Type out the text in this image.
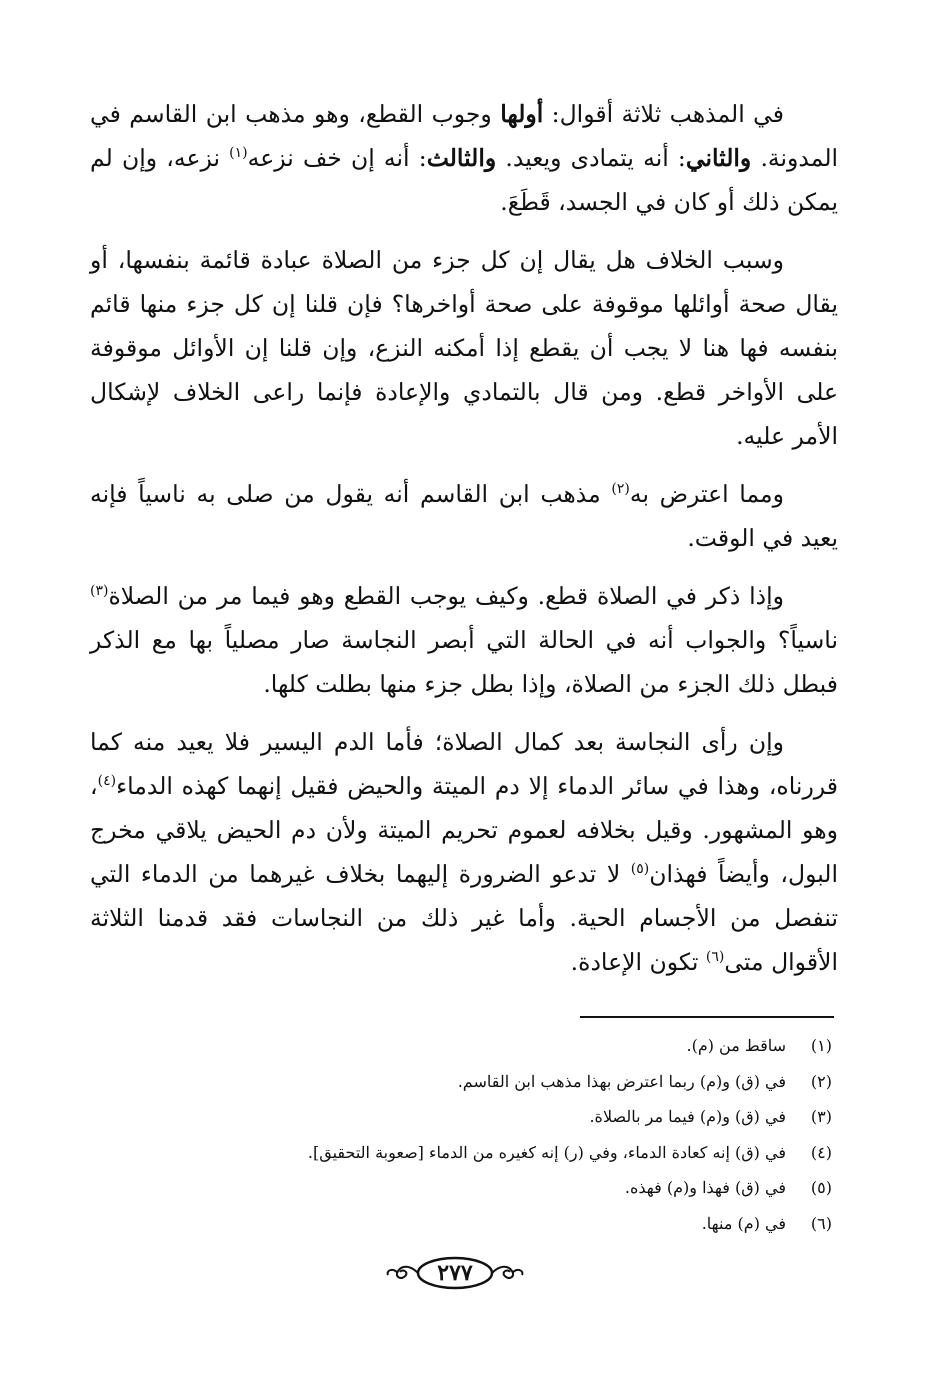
في المذهب ثلاثة أقوال: أولها وجوب القطع، وهو مذهب ابن القاسم في المدونة. والثاني: أنه يتمادى ويعيد. والثالث: أنه إن خف نزعه$^{(١)}$ نزعه، وإن لم يمكن ذلك أو كان في الجسد، قَطَعَ.

وسبب الخلاف هل يقال إن كل جزء من الصلاة عبادة قائمة بنفسها، أو يقال صحة أوائلها موقوفة على صحة أواخرها؟ فإن قلنا إن كل جزء منها قائم بنفسه فها هنا لا يجب أن يقطع إذا أمكنه النزع، وإن قلنا إن الأوائل موقوفة على الأواخر قطع. ومن قال بالتمادي والإعادة فإنما راعى الخلاف لإشكال الأمر عليه.

ومما اعترض به$^{(٢)}$ مذهب ابن القاسم أنه يقول من صلى به ناسياً فإنه يعيد في الوقت.

وإذا ذكر في الصلاة قطع. وكيف يوجب القطع وهو فيما مر من الصلاة$^{(٣)}$ ناسياً؟ والجواب أنه في الحالة التي أبصر النجاسة صار مصلياً بها مع الذكر فبطل ذلك الجزء من الصلاة، وإذا بطل جزء منها بطلت كلها.

وإن رأى النجاسة بعد كمال الصلاة؛ فأما الدم اليسير فلا يعيد منه كما قررناه، وهذا في سائر الدماء إلا دم الميتة والحيض فقيل إنهما كهذه الدماء$^{(٤)}$، وهو المشهور. وقيل بخلافه لعموم تحريم الميتة ولأن دم الحيض يلاقي مخرج البول، وأيضاً فهذان$^{(٥)}$ لا تدعو الضرورة إليهما بخلاف غيرهما من الدماء التي تنفصل من الأجسام الحية. وأما غير ذلك من النجاسات فقد قدمنا الثلاثة الأقوال متى$^{(٦)}$ تكون الإعادة.

(١)
ساقط من (م).
(٢)
في (ق) و(م) ربما اعترض بهذا مذهب ابن القاسم.
(٣)
في (ق) و(م) فيما مر بالصلاة.
(٤)
في (ق) إنه كعادة الدماء، وفي (ر) إنه كغيره من الدماء [صعوبة التحقيق].
(٥)
في (ق) فهذا و(م) فهذه.
(٦)
في (م) منها.
٢٧٧
